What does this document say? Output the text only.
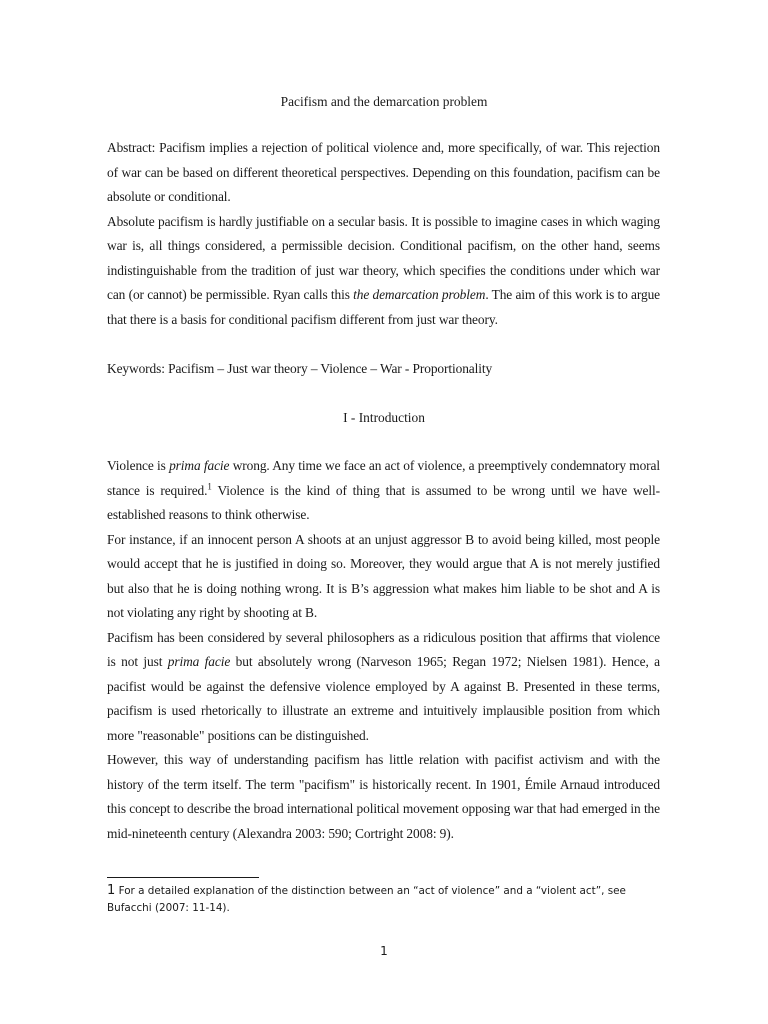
Pacifism and the demarcation problem

Abstract: Pacifism implies a rejection of political violence and, more specifically, of war. This rejection of war can be based on different theoretical perspectives. Depending on this foundation, pacifism can be absolute or conditional.

Absolute pacifism is hardly justifiable on a secular basis. It is possible to imagine cases in which waging war is, all things considered, a permissible decision. Conditional pacifism, on the other hand, seems indistinguishable from the tradition of just war theory, which specifies the conditions under which war can (or cannot) be permissible. Ryan calls this the demarcation problem. The aim of this work is to argue that there is a basis for conditional pacifism different from just war theory.

Keywords: Pacifism – Just war theory – Violence – War - Proportionality
I - Introduction

Violence is prima facie wrong. Any time we face an act of violence, a preemptively condemnatory moral stance is required.$^1$ Violence is the kind of thing that is assumed to be wrong until we have well-established reasons to think otherwise.

For instance, if an innocent person A shoots at an unjust aggressor B to avoid being killed, most people would accept that he is justified in doing so. Moreover, they would argue that A is not merely justified but also that he is doing nothing wrong. It is B’s aggression what makes him liable to be shot and A is not violating any right by shooting at B.

Pacifism has been considered by several philosophers as a ridiculous position that affirms that violence is not just prima facie but absolutely wrong (Narveson 1965; Regan 1972; Nielsen 1981). Hence, a pacifist would be against the defensive violence employed by A against B. Presented in these terms, pacifism is used rhetorically to illustrate an extreme and intuitively implausible position from which more "reasonable" positions can be distinguished.

However, this way of understanding pacifism has little relation with pacifist activism and with the history of the term itself. The term "pacifism" is historically recent. In 1901, Émile Arnaud introduced this concept to describe the broad international political movement opposing war that had emerged in the mid-nineteenth century (Alexandra 2003: 590; Cortright 2008: 9).

1 For a detailed explanation of the distinction between an “act of violence” and a “violent act”, see Bufacchi (2007: 11-14).
1
